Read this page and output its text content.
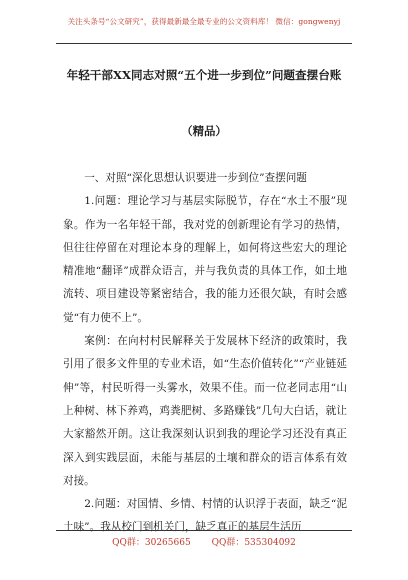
关注头条号“公文研究”，获得最新最全最专业的公文资料库！ 微信：gongwenyj
年轻干部XX同志对照“五个进一步到位”问题查摆台账
（精品）

一、对照“深化思想认识要进一步到位”查摆问题

1.问题：理论学习与基层实际脱节，存在“水土不服”现象。作为一名年轻干部，我对党的创新理论有学习的热情，但往往停留在对理论本身的理解上，如何将这些宏大的理论精准地“翻译”成群众语言，并与我负责的具体工作，如土地流转、项目建设等紧密结合，我的能力还很欠缺，有时会感觉“有力使不上”。

案例：在向村村民解释关于发展林下经济的政策时，我引用了很多文件里的专业术语，如“生态价值转化”“产业链延伸”等，村民听得一头雾水，效果不佳。而一位老同志用“山上种树、林下养鸡，鸡粪肥树、多路赚钱”几句大白话，就让大家豁然开朗。这让我深刻认识到我的理论学习还没有真正深入到实践层面，未能与基层的土壤和群众的语言体系有效对接。

2.问题：对国情、乡情、村情的认识浮于表面，缺乏“泥土味”。我从校门到机关门，缺乏真正的基层生活历

QQ群：30265665 QQ群：535304092
